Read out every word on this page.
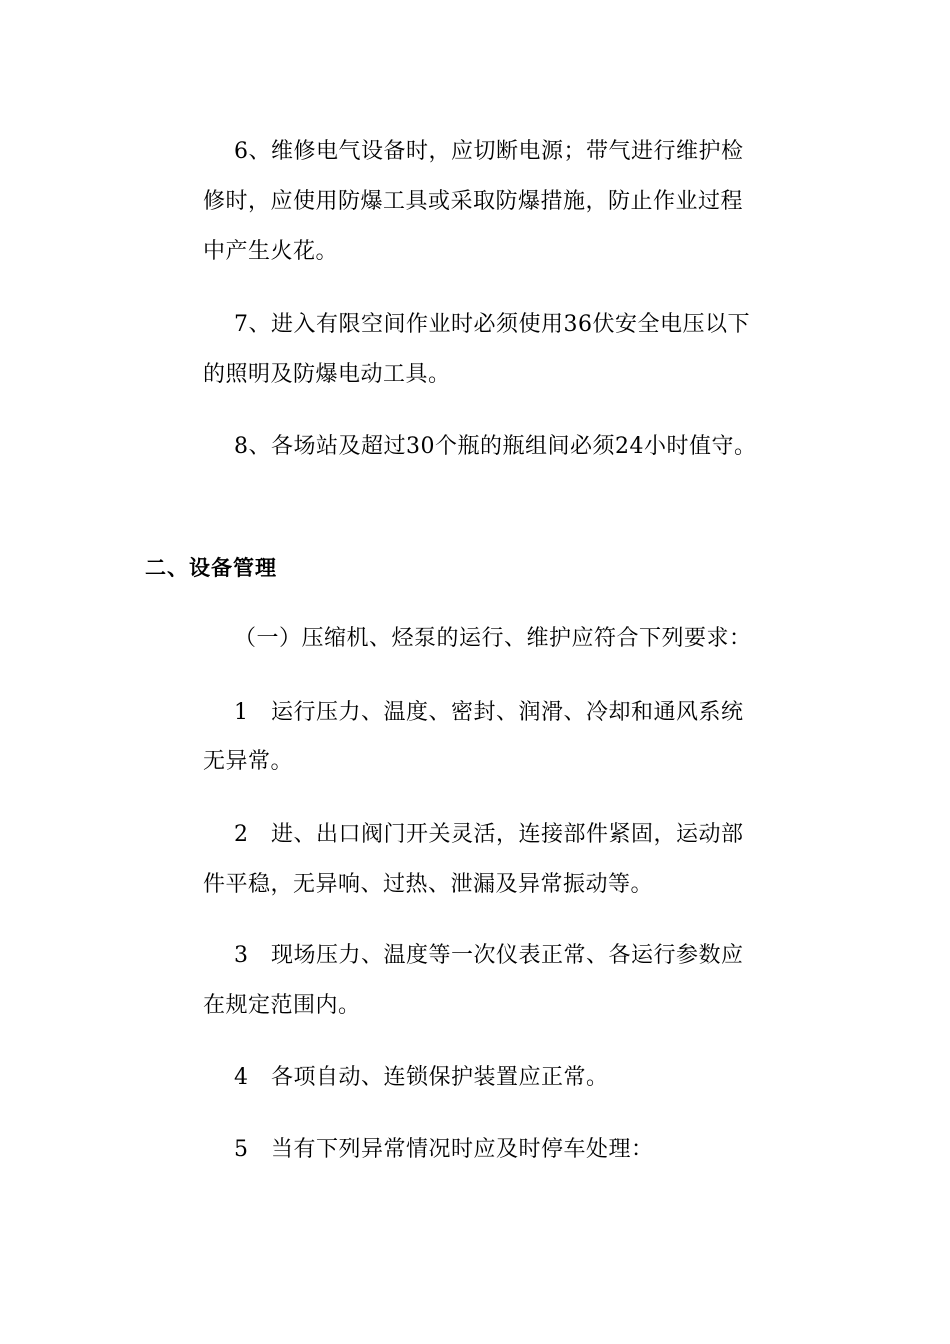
6、维修电气设备时，应切断电源；带气进行维护检
修时，应使用防爆工具或采取防爆措施，防止作业过程
中产生火花。
7、进入有限空间作业时必须使用36伏安全电压以下
的照明及防爆电动工具。
8、各场站及超过30个瓶的瓶组间必须24小时值守。
二、设备管理
（一）压缩机、烃泵的运行、维护应符合下列要求：
1　运行压力、温度、密封、润滑、冷却和通风系统
无异常。
2　进、出口阀门开关灵活，连接部件紧固，运动部
件平稳，无异响、过热、泄漏及异常振动等。
3　现场压力、温度等一次仪表正常、各运行参数应
在规定范围内。
4　各项自动、连锁保护装置应正常。
5　当有下列异常情况时应及时停车处理：
